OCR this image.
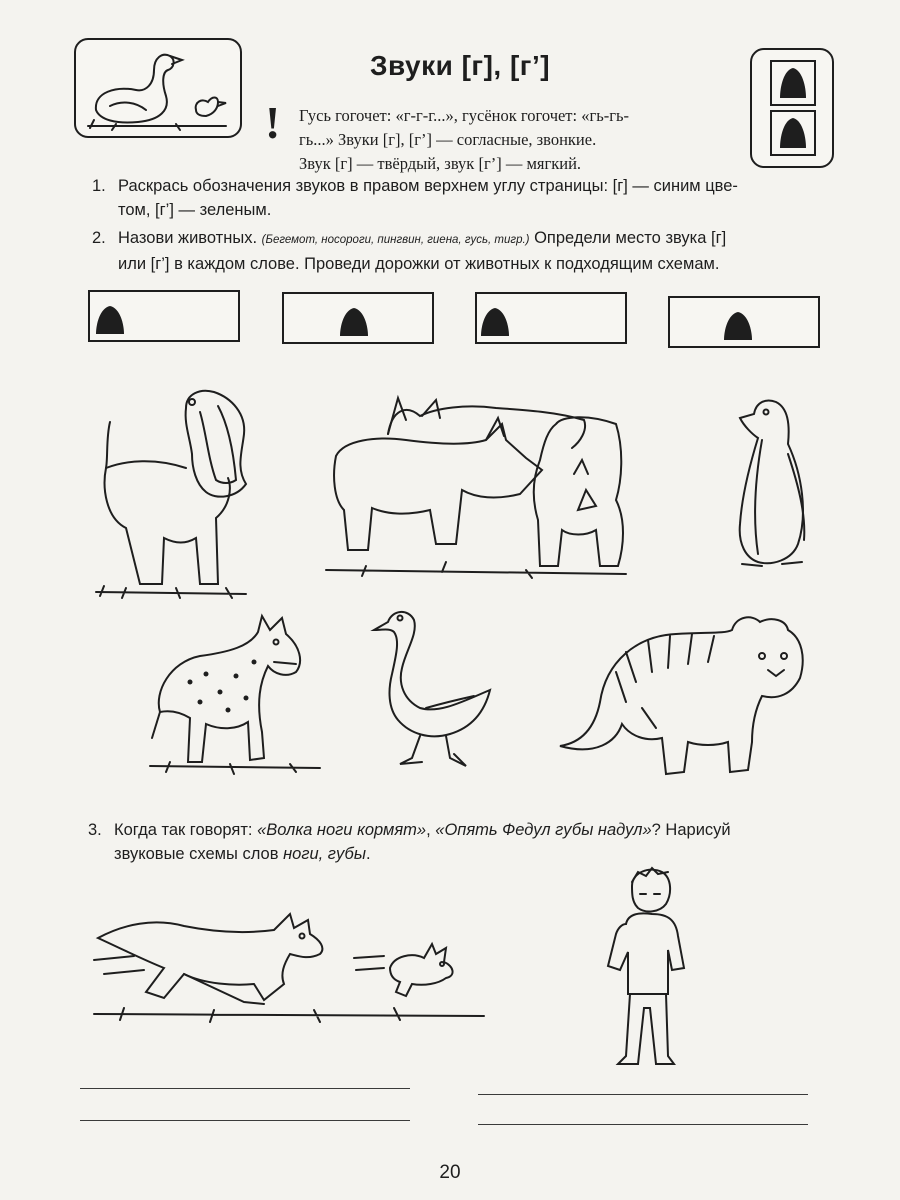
Звуки [г], [г’]
! Гусь гогочет: «г-г-г...», гусёнок гогочет: «гь-гь-
гь...» Звуки [г], [г’] — согласные, звонкие.
Звук [г] — твёрдый, звук [г’] — мягкий.
1. Раскрась обозначения звуков в правом верхнем углу страницы: [г] — синим цве-
том, [г’] — зеленым.
2. Назови животных. (Бегемот, носороги, пингвин, гиена, гусь, тигр.) Определи место звука [г]
или [г’] в каждом слове. Проведи дорожки от животных к подходящим схемам.
3. Когда так говорят: «Волка ноги кормят», «Опять Федул губы надул»? Нарисуй
звуковые схемы слов ноги, губы.
20
